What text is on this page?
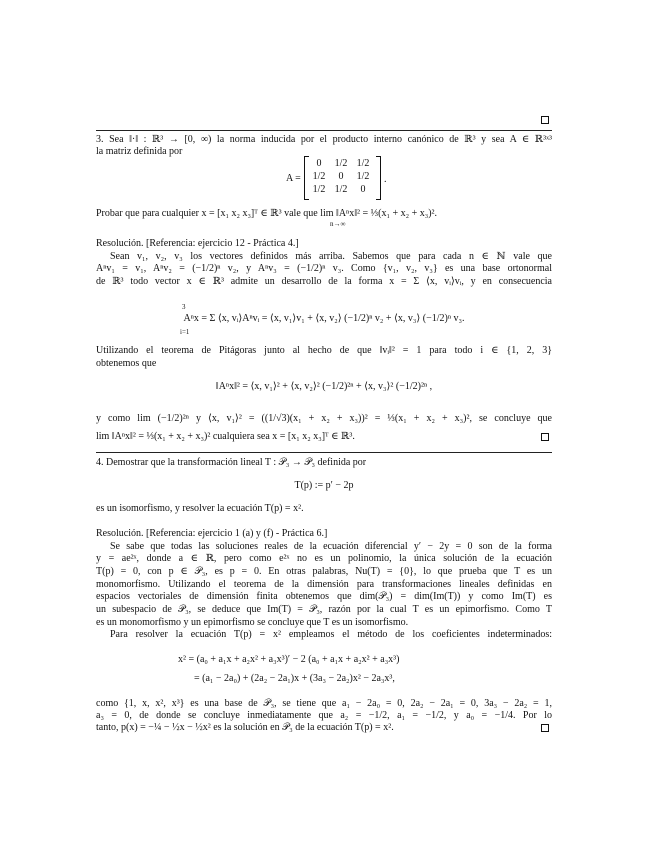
3. Sea ‖·‖ : ℝ³ → [0, ∞) la norma inducida por el producto interno canónico de ℝ³ y sea A ∈ ℝ³ˣ³
la matriz definida por
A =
0	1/2	1/2
1/2	0	1/2
1/2	1/2	0
.
Probar que para cualquier x = [x₁ x₂ x₃]ᵀ ∈ ℝ³ vale que lim ‖Aⁿx‖² = ⅓(x₁ + x₂ + x₃)².
n→∞
Resolución. [Referencia: ejercicio 12 - Práctica 4.]
Sean v₁, v₂, v₃ los vectores definidos más arriba. Sabemos que para cada n ∈ ℕ vale que
Aⁿv₁ = v₁, Aⁿv₂ = (−1/2)ⁿ v₂, y Aⁿv₃ = (−1/2)ⁿ v₃. Como {v₁, v₂, v₃} es una base ortonormal
de ℝ³ todo vector x ∈ ℝ³ admite un desarrollo de la forma x = Σ ⟨x, vᵢ⟩vᵢ, y en consecuencia
3
Aⁿx = Σ ⟨x, vᵢ⟩Aⁿvᵢ = ⟨x, v₁⟩v₁ + ⟨x, v₂⟩ (−1/2)ⁿ v₂ + ⟨x, v₃⟩ (−1/2)ⁿ v₃.
i=1
Utilizando el teorema de Pitágoras junto al hecho de que ‖vᵢ‖² = 1 para todo i ∈ {1, 2, 3}
obtenemos que
‖Aⁿx‖² = ⟨x, v₁⟩² + ⟨x, v₂⟩² (−1/2)²ⁿ + ⟨x, v₃⟩² (−1/2)²ⁿ ,
y como lim (−1/2)²ⁿ y ⟨x, v₁⟩² = ((1/√3)(x₁ + x₂ + x₃))² = ⅓(x₁ + x₂ + x₃)², se concluye que
lim ‖Aⁿx‖² = ⅓(x₁ + x₂ + x₃)² cualquiera sea x = [x₁ x₂ x₃]ᵀ ∈ ℝ³.
4. Demostrar que la transformación lineal T : 𝒫₃ → 𝒫₃ definida por
T(p) := p′ − 2p
es un isomorfismo, y resolver la ecuación T(p) = x².
Resolución. [Referencia: ejercicio 1 (a) y (f) - Práctica 6.]
Se sabe que todas las soluciones reales de la ecuación diferencial y′ − 2y = 0 son de la forma
y = ae²ˣ, donde a ∈ ℝ, pero como e²ˣ no es un polinomio, la única solución de la ecuación
T(p) = 0, con p ∈ 𝒫₃, es p = 0. En otras palabras, Nu(T) = {0}, lo que prueba que T es un
monomorfismo. Utilizando el teorema de la dimensión para transformaciones lineales definidas en
espacios vectoriales de dimensión finita obtenemos que dim(𝒫₃) = dim(Im(T)) y como Im(T) es
un subespacio de 𝒫₃, se deduce que Im(T) = 𝒫₃, razón por la cual T es un epimorfismo. Como T
es un monomorfismo y un epimorfismo se concluye que T es un isomorfismo.
Para resolver la ecuación T(p) = x² empleamos el método de los coeficientes indeterminados:
x² = (a₀ + a₁x + a₂x² + a₃x³)′ − 2 (a₀ + a₁x + a₂x² + a₃x³)
= (a₁ − 2a₀) + (2a₂ − 2a₁)x + (3a₃ − 2a₂)x² − 2a₃x³,
como {1, x, x², x³} es una base de 𝒫₃, se tiene que a₁ − 2a₀ = 0, 2a₂ − 2a₁ = 0, 3a₃ − 2a₂ = 1,
a₃ = 0, de donde se concluye inmediatamente que a₂ = −1/2, a₁ = −1/2, y a₀ = −1/4. Por lo
tanto, p(x) = −¼ − ½x − ½x² es la solución en 𝒫₃ de la ecuación T(p) = x².
